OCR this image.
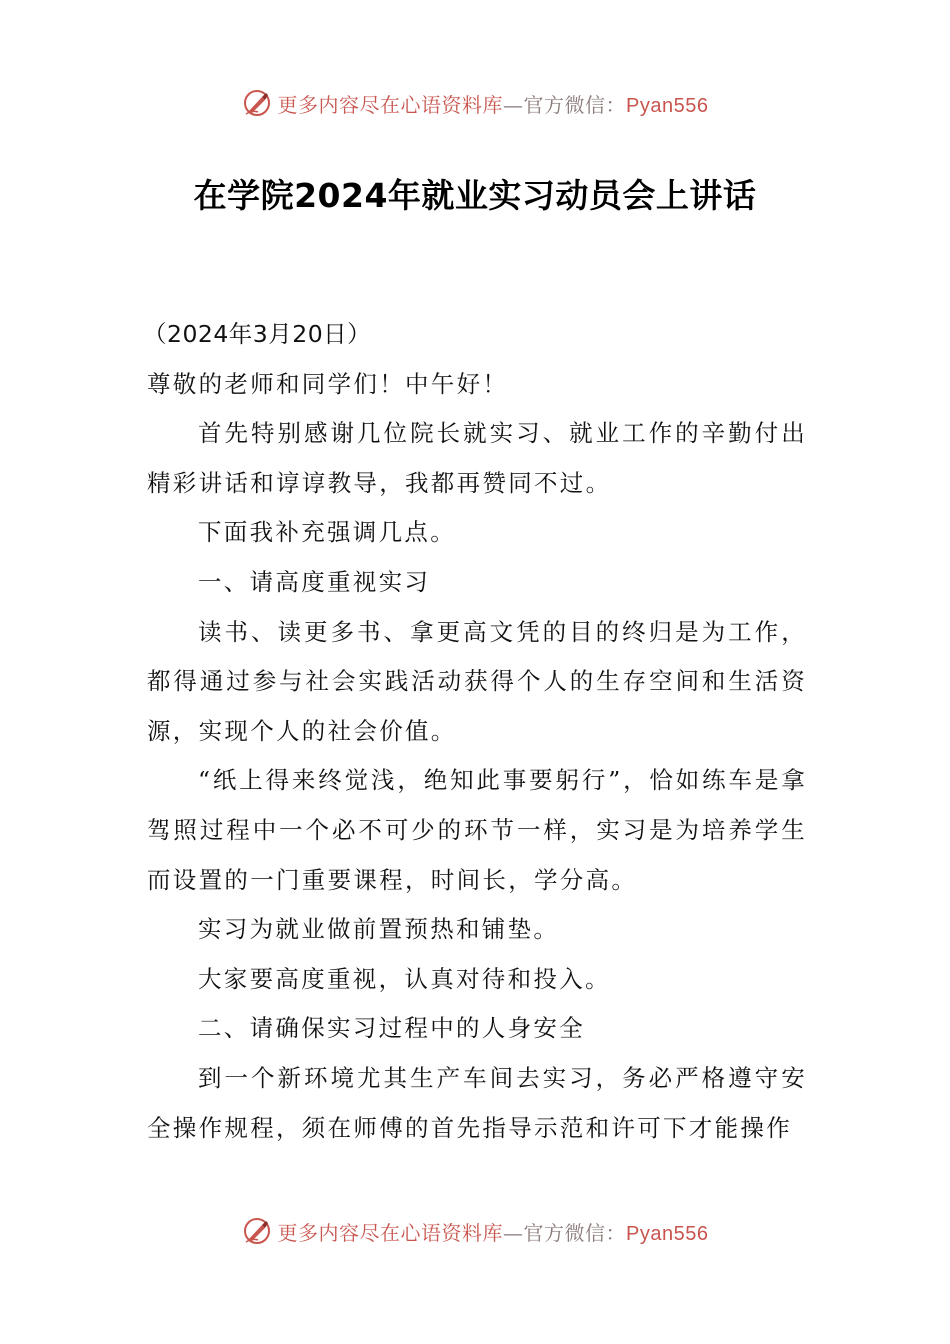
更多内容尽在心语资料库—官方微信：Pyan556
在学院2024年就业实习动员会上讲话

（2024年3月20日）

尊敬的老师和同学们！中午好！

首先特别感谢几位院长就实习、就业工作的辛勤付出精彩讲话和谆谆教导，我都再赞同不过。

下面我补充强调几点。

一、请高度重视实习

读书、读更多书、拿更高文凭的目的终归是为工作，都得通过参与社会实践活动获得个人的生存空间和生活资源，实现个人的社会价值。

“纸上得来终觉浅，绝知此事要躬行”，恰如练车是拿驾照过程中一个必不可少的环节一样，实习是为培养学生而设置的一门重要课程，时间长，学分高。

实习为就业做前置预热和铺垫。

大家要高度重视，认真对待和投入。

二、请确保实习过程中的人身安全

到一个新环境尤其生产车间去实习，务必严格遵守安全操作规程，须在师傅的首先指导示范和许可下才能操作

更多内容尽在心语资料库—官方微信：Pyan556
